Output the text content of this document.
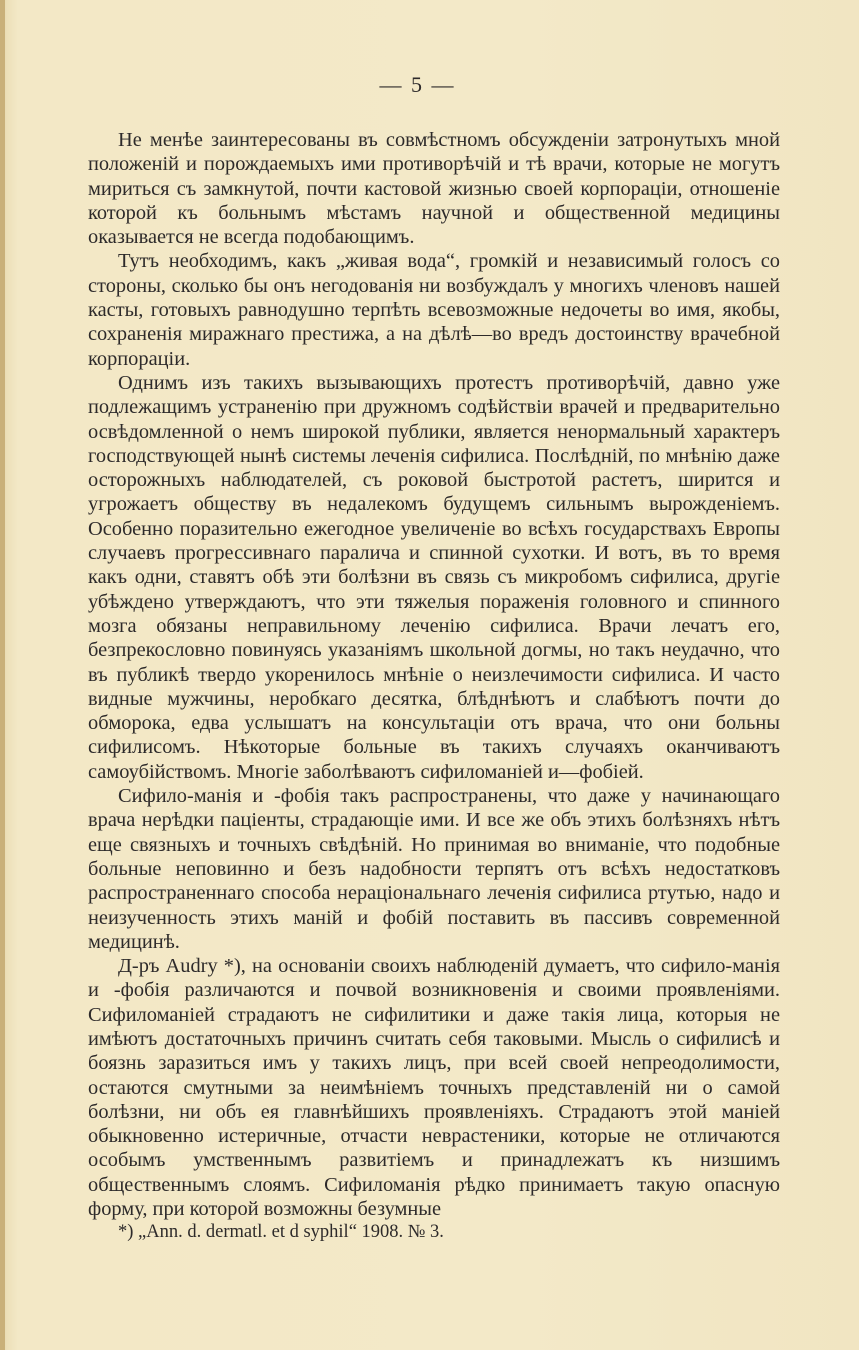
— 5 —

Не менѣе заинтересованы въ совмѣстномъ обсужденіи затронутыхъ мной положеній и порождаемыхъ ими противорѣчій и тѣ врачи, которые не могутъ мириться съ замкнутой, почти кастовой жизнью своей корпораціи, отношеніе которой къ больнымъ мѣстамъ научной и общественной медицины оказывается не всегда подобающимъ.

Тутъ необходимъ, какъ „живая вода“, громкій и независимый голосъ со стороны, сколько бы онъ негодованія ни возбуждалъ у многихъ членовъ нашей касты, готовыхъ равнодушно терпѣть всевозможные недочеты во имя, якобы, сохраненія миражнаго престижа, а на дѣлѣ—во вредъ достоинству врачебной корпораціи.

Однимъ изъ такихъ вызывающихъ протестъ противорѣчій, давно уже подлежащимъ устраненію при дружномъ содѣйствіи врачей и предварительно освѣдомленной о немъ широкой публики, является ненормальный характеръ господствующей нынѣ системы леченія сифилиса. Послѣдній, по мнѣнію даже осторожныхъ наблюдателей, съ роковой быстротой растетъ, ширится и угрожаетъ обществу въ недалекомъ будущемъ сильнымъ вырожденіемъ. Особенно поразительно ежегодное увеличеніе во всѣхъ государствахъ Европы случаевъ прогрессивнаго паралича и спинной сухотки. И вотъ, въ то время какъ одни, ставятъ обѣ эти болѣзни въ связь съ микробомъ сифилиса, другіе убѣждено утверждаютъ, что эти тяжелыя пораженія головного и спинного мозга обязаны неправильному леченію сифилиса. Врачи лечатъ его, безпрекословно повинуясь указаніямъ школьной догмы, но такъ неудачно, что въ публикѣ твердо укоренилось мнѣніе о неизлечимости сифилиса. И часто видные мужчины, неробкаго десятка, блѣднѣютъ и слабѣютъ почти до обморока, едва услышатъ на консультаціи отъ врача, что они больны сифилисомъ. Нѣкоторые больные въ такихъ случаяхъ оканчиваютъ самоубійствомъ. Многіе заболѣваютъ сифиломаніей и—фобіей.

Сифило-манія и -фобія такъ распространены, что даже у начинающаго врача нерѣдки паціенты, страдающіе ими. И все же объ этихъ болѣзняхъ нѣтъ еще связныхъ и точныхъ свѣдѣній. Но принимая во вниманіе, что подобные больные неповинно и безъ надобности терпятъ отъ всѣхъ недостатковъ распространеннаго способа нераціональнаго леченія сифилиса ртутью, надо и неизученность этихъ маній и фобій поставить въ пассивъ современной медицинѣ.

Д-ръ Audry *), на основаніи своихъ наблюденій думаетъ, что сифило-манія и -фобія различаются и почвой возникновенія и своими проявленіями. Сифиломаніей страдаютъ не сифилитики и даже такія лица, которыя не имѣютъ достаточныхъ причинъ считать себя таковыми. Мысль о сифилисѣ и боязнь заразиться имъ у такихъ лицъ, при всей своей непреодолимости, остаются смутными за неимѣніемъ точныхъ представленій ни о самой болѣзни, ни объ ея главнѣйшихъ проявленіяхъ. Страдаютъ этой маніей обыкновенно истеричные, отчасти неврастеники, которые не отличаются особымъ умственнымъ развитіемъ и принадлежатъ къ низшимъ общественнымъ слоямъ. Сифиломанія рѣдко принимаетъ такую опасную форму, при которой возможны безумные

*) „Ann. d. dermatl. et d syphil“ 1908. № 3.
